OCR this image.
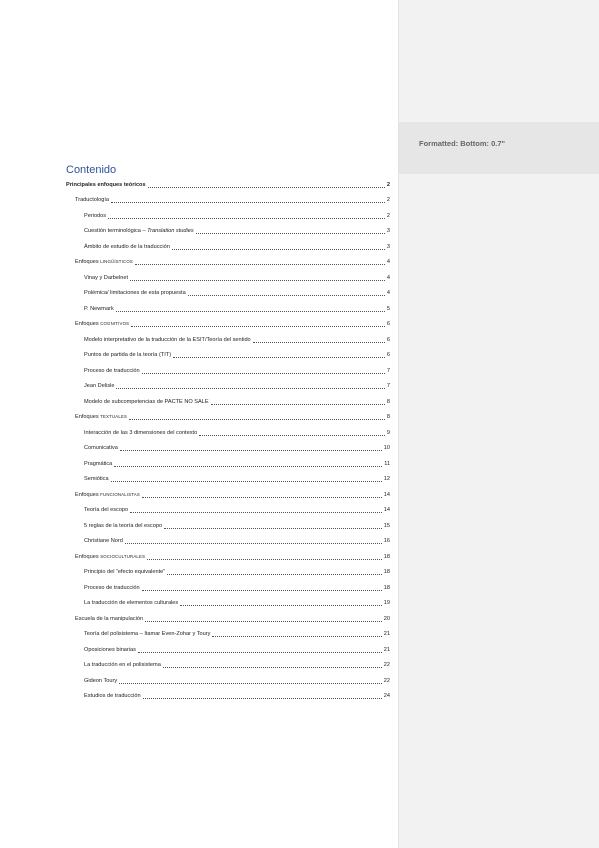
Contenido
Principales enfoques teóricos	2
Traductología	2
Periodos	2
Cuestión terminológica – Translation studies	3
Ámbito de estudio de la traducción	3
Enfoques LINGÜÍSTICOS	4
Vinay y Darbelnet	4
Polémica/ limitaciones de esta propuesta	4
P. Newmark	5
Enfoques COGNITIVOS	6
Modelo interpretativo de la traducción de la ESIT/Teoría del sentido	6
Puntos de partida de la teoría (TIT)	6
Proceso de traducción	7
Jean Delisle	7
Modelo de subcompetencias de PACTE NO SALE	8
Enfoques TEXTUALES	8
Interacción de las 3 dimensiones del contexto	9
Comunicativa	10
Pragmática	11
Semiótica	12
Enfoques FUNCIONALISTAS	14
Teoría del escopo	14
5 reglas de la teoría del escopo	15
Christiane Nord	16
Enfoques SOCIOCULTURALES	18
Principio del “efecto equivalente”	18
Proceso de traducción	18
La traducción de elementos culturales	19
Escuela de la manipulación	20
Teoría del polisistema – Itamar Even-Zohar y Toury	21
Oposiciones binarias	21
La traducción en el polisistema	22
Gideon Toury	22
Estudios de traducción	24
Formatted: Bottom: 0.7"
